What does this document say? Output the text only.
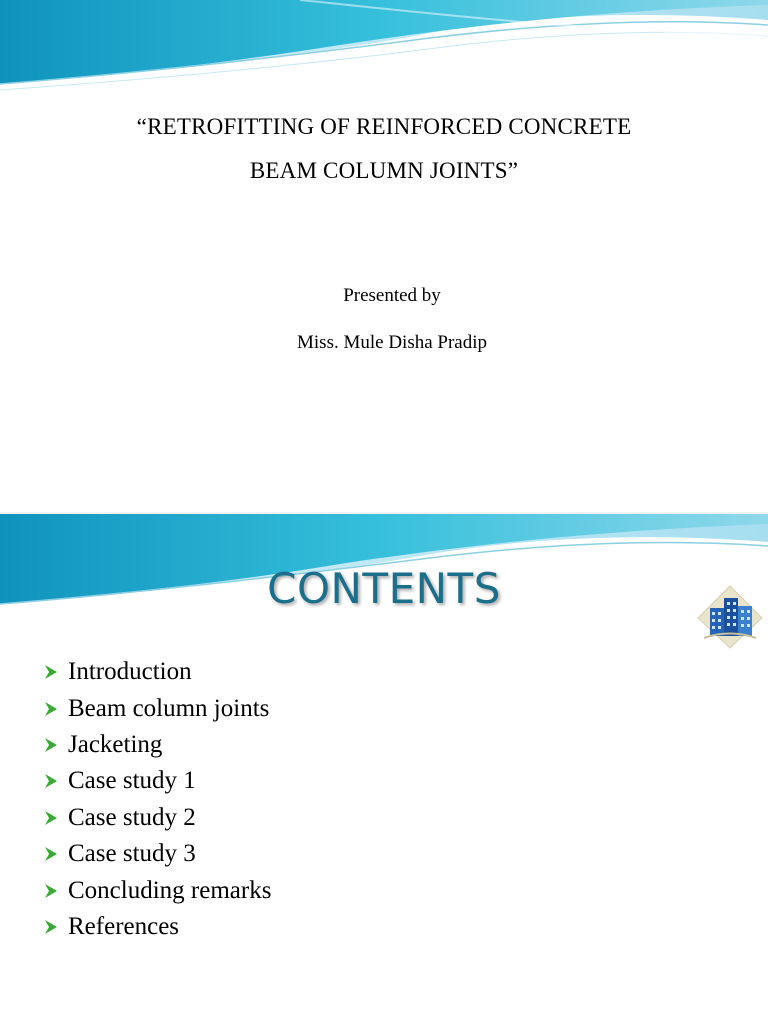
“RETROFITTING OF REINFORCED CONCRETE
BEAM COLUMN JOINTS”
Presented by
Miss. Mule Disha Pradip
CONTENTS
Introduction
Beam column joints
Jacketing
Case study 1
Case study 2
Case study 3
Concluding remarks
References
